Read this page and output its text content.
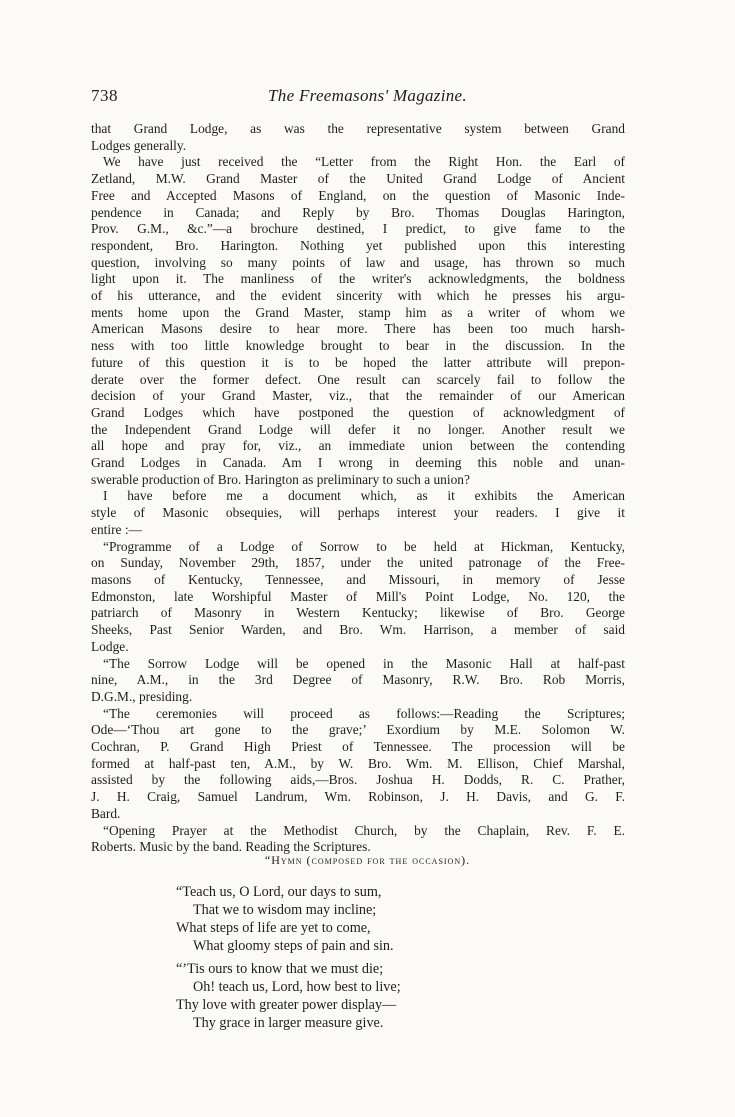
738	The Freemasons' Magazine.

that Grand Lodge, as was the representative system between Grand
Lodges generally.

We have just received the “Letter from the Right Hon. the Earl of
Zetland, M.W. Grand Master of the United Grand Lodge of Ancient
Free and Accepted Masons of England, on the question of Masonic Inde-
pendence in Canada; and Reply by Bro. Thomas Douglas Harington,
Prov. G.M., &c.”—a brochure destined, I predict, to give fame to the
respondent, Bro. Harington. Nothing yet published upon this interesting
question, involving so many points of law and usage, has thrown so much
light upon it. The manliness of the writer's acknowledgments, the boldness
of his utterance, and the evident sincerity with which he presses his argu-
ments home upon the Grand Master, stamp him as a writer of whom we
American Masons desire to hear more. There has been too much harsh-
ness with too little knowledge brought to bear in the discussion. In the
future of this question it is to be hoped the latter attribute will prepon-
derate over the former defect. One result can scarcely fail to follow the
decision of your Grand Master, viz., that the remainder of our American
Grand Lodges which have postponed the question of acknowledgment of
the Independent Grand Lodge will defer it no longer. Another result we
all hope and pray for, viz., an immediate union between the contending
Grand Lodges in Canada. Am I wrong in deeming this noble and unan-
swerable production of Bro. Harington as preliminary to such a union?

I have before me a document which, as it exhibits the American
style of Masonic obsequies, will perhaps interest your readers. I give it
entire :—

“Programme of a Lodge of Sorrow to be held at Hickman, Kentucky,
on Sunday, November 29th, 1857, under the united patronage of the Free-
masons of Kentucky, Tennessee, and Missouri, in memory of Jesse
Edmonston, late Worshipful Master of Mill's Point Lodge, No. 120, the
patriarch of Masonry in Western Kentucky; likewise of Bro. George
Sheeks, Past Senior Warden, and Bro. Wm. Harrison, a member of said
Lodge.

“The Sorrow Lodge will be opened in the Masonic Hall at half-past
nine, A.M., in the 3rd Degree of Masonry, R.W. Bro. Rob Morris,
D.G.M., presiding.

“The ceremonies will proceed as follows:—Reading the Scriptures;
Ode—‘Thou art gone to the grave;’ Exordium by M.E. Solomon W.
Cochran, P. Grand High Priest of Tennessee. The procession will be
formed at half-past ten, A.M., by W. Bro. Wm. M. Ellison, Chief Marshal,
assisted by the following aids,—Bros. Joshua H. Dodds, R. C. Prather,
J. H. Craig, Samuel Landrum, Wm. Robinson, J. H. Davis, and G. F.
Bard.

“Opening Prayer at the Methodist Church, by the Chaplain, Rev. F. E.
Roberts. Music by the band. Reading the Scriptures.

“Hymn (composed for the occasion).
“Teach us, O Lord, our days to sum,
That we to wisdom may incline;
What steps of life are yet to come,
What gloomy steps of pain and sin.
“’Tis ours to know that we must die;
Oh! teach us, Lord, how best to live;
Thy love with greater power display—
Thy grace in larger measure give.
